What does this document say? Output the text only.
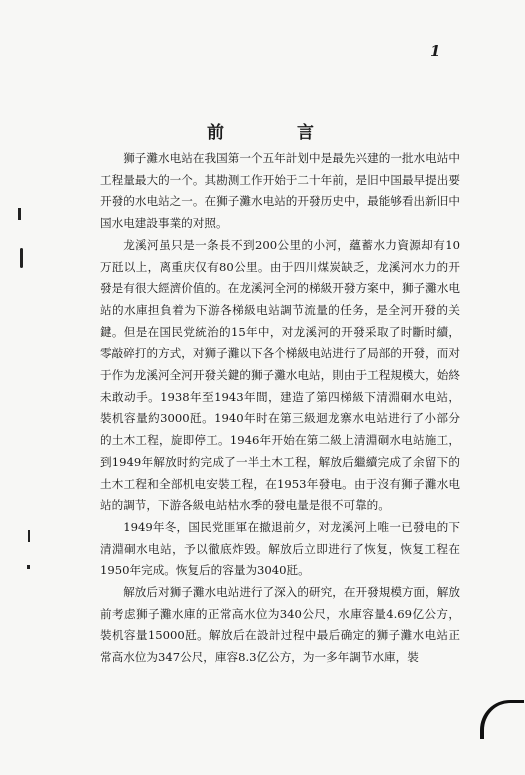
1
前　言

狮子灘水电站在我国第一个五年計划中是最先兴建的一批水电站中工程量最大的一个。其勘测工作开始于二十年前，是旧中国最早提出要开發的水电站之一。在狮子灘水电站的开發历史中，最能够看出新旧中国水电建設事業的对照。

龙溪河虽只是一条長不到200公里的小河，蘊蓄水力資源却有10万瓩以上，离重庆仅有80公里。由于四川煤炭缺乏，龙溪河水力的开發是有很大經濟价值的。在龙溪河全河的梯級开發方案中，狮子灘水电站的水庫担負着为下游各梯級电站調节流量的任务，是全河开發的关鍵。但是在国民党統治的15年中，对龙溪河的开發采取了时斷时續，零敲碎打的方式，对狮子灘以下各个梯級电站进行了局部的开發，而对于作为龙溪河全河开發关鍵的狮子灘水电站，則由于工程規模大，始終未敢动手。1938年至1943年間，建造了第四梯級下清淵硐水电站，裝机容量約3000瓩。1940年时在第三級迴龙寨水电站进行了小部分的土木工程，旋即停工。1946年开始在第二級上清淵硐水电站施工，到1949年解放时約完成了一半土木工程，解放后繼續完成了余留下的土木工程和全部机电安裝工程，在1953年發电。由于沒有狮子灘水电站的調节，下游各級电站枯水季的發电量是很不可靠的。

1949年冬，国民党匪軍在撤退前夕，对龙溪河上唯一已發电的下清淵硐水电站，予以徹底炸毁。解放后立即进行了恢复，恢复工程在1950年完成。恢复后的容量为3040瓩。

解放后对狮子灘水电站进行了深入的研究，在开發規模方面，解放前考虑狮子灘水庫的正常高水位为340公尺，水庫容量4.69亿公方，裝机容量15000瓩。解放后在設計过程中最后确定的狮子灘水电站正常高水位为347公尺，庫容8.3亿公方，为一多年調节水庫，裝
